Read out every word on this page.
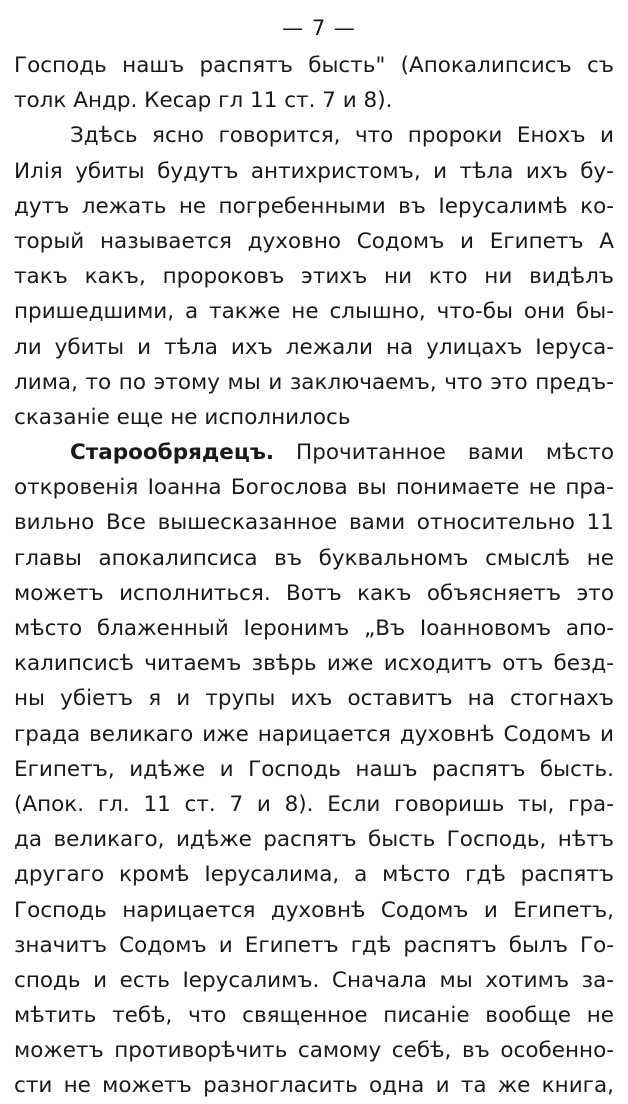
— 7 —
Господь нашъ распятъ бысть" (Апокалипсисъ съ
толк Андр. Кесар гл 11 ст. 7 и 8).
Здѣсь ясно говорится, что пророки Енохъ и
Илія убиты будутъ антихристомъ, и тѣла ихъ бу-
дутъ лежать не погребенными въ Іерусалимѣ ко-
торый называется духовно Содомъ и Египетъ А
такъ какъ, пророковъ этихъ ни кто ни видѣлъ
пришедшими, а также не слышно, что-бы они бы-
ли убиты и тѣла ихъ лежали на улицахъ Іеруса-
лима, то по этому мы и заключаемъ, что это предъ-
сказаніе еще не исполнилось
Старообрядецъ. Прочитанное вами мѣсто
откровенія Іоанна Богослова вы понимаете не пра-
вильно Все вышесказанное вами относительно 11
главы апокалипсиса въ буквальномъ смыслѣ не
можетъ исполниться. Вотъ какъ объясняетъ это
мѣсто блаженный Іеронимъ „Въ Іоанновомъ апо-
калипсисѣ читаемъ звѣрь иже исходитъ отъ безд-
ны убіетъ я и трупы ихъ оставитъ на стогнахъ
града великаго иже нарицается духовнѣ Содомъ и
Египетъ, идѣже и Господь нашъ распятъ бысть.
(Апок. гл. 11 ст. 7 и 8). Если говоришь ты, гра-
да великаго, идѣже распятъ бысть Господь, нѣтъ
другаго кромѣ Іерусалима, а мѣсто гдѣ распятъ
Господь нарицается духовнѣ Содомъ и Египетъ,
значитъ Содомъ и Египетъ гдѣ распятъ былъ Го-
сподь и есть Іерусалимъ. Сначала мы хотимъ за-
мѣтить тебѣ, что священное писаніе вообще не
можетъ противорѣчить самому себѣ, въ особенно-
сти не можетъ разногласить одна и та же книга,
